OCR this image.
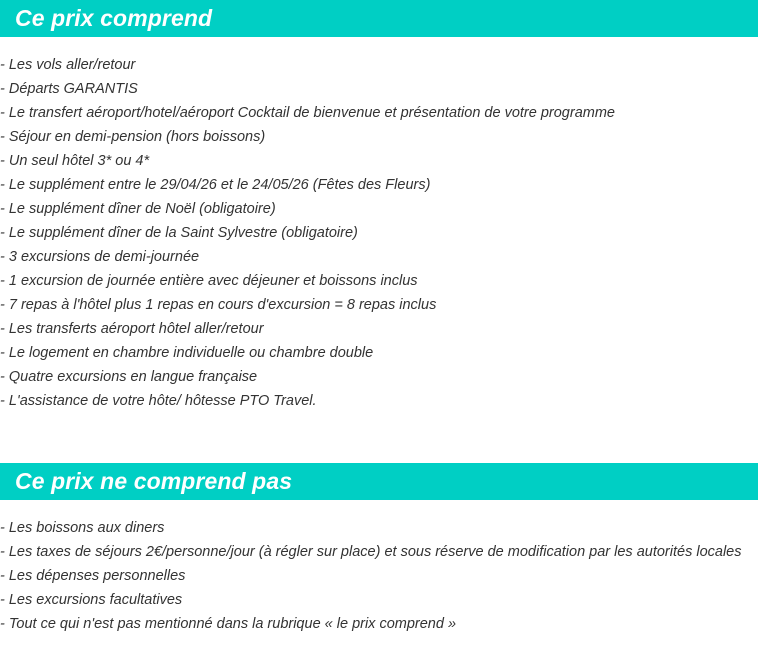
Ce prix comprend
- Les vols aller/retour
- Départs GARANTIS
- Le transfert aéroport/hotel/aéroport Cocktail de bienvenue et présentation de votre programme
- Séjour en demi-pension (hors boissons)
- Un seul hôtel 3* ou 4*
- Le supplément entre le 29/04/26 et le 24/05/26 (Fêtes des Fleurs)
- Le supplément dîner de Noël (obligatoire)
- Le supplément dîner de la Saint Sylvestre (obligatoire)
- 3 excursions de demi-journée
- 1 excursion de journée entière avec déjeuner et boissons inclus
- 7 repas à l'hôtel plus 1 repas en cours d'excursion = 8 repas inclus
- Les transferts aéroport hôtel aller/retour
- Le logement en chambre individuelle ou chambre double
- Quatre excursions en langue française
- L'assistance de votre hôte/ hôtesse PTO Travel.
Ce prix ne comprend pas
- Les boissons aux diners
- Les taxes de séjours 2€/personne/jour (à régler sur place) et sous réserve de modification par les autorités locales
- Les dépenses personnelles
- Les excursions facultatives
- Tout ce qui n'est pas mentionné dans la rubrique « le prix comprend »
